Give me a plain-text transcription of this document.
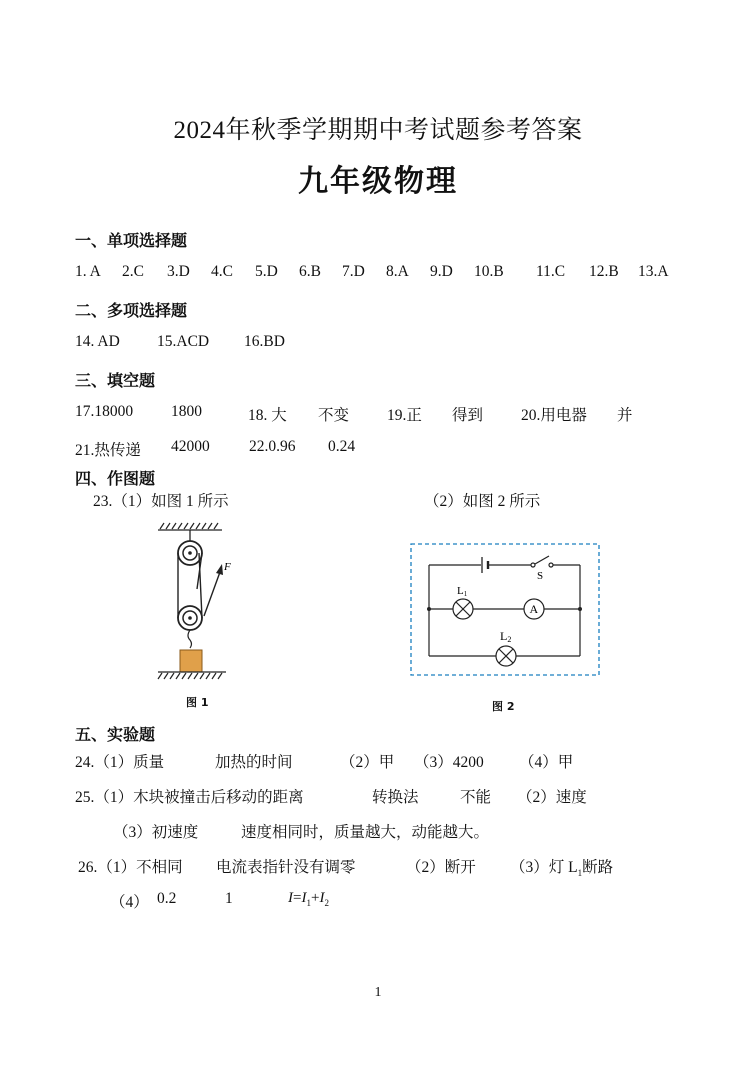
2024年秋季学期期中考试题参考答案
九年级物理
一、单项选择题
1. A 2.C 3.D 4.C 5.D 6.B 7.D 8.A 9.D 10.B 11.C 12.B 13.A
二、多项选择题
14. AD 15.ACD 16.BD
三、填空题
17.18000 1800	18. 大 不变 19.正 得到 20.用电器 并
21.热传递 42000	22.0.96 0.24
四、作图题
23.（1）如图 1 所示	（2）如图 2 所示
F
图 1
S
L1
A
L2
图 2
五、实验题
24.（1）质量	加热的时间	（2）甲 （3）4200 （4）甲
25.（1）木块被撞击后移动的距离	转换法	不能 （2）速度
（3）初速度	速度相同时，质量越大，动能越大。
26.（1）不相同 电流表指针没有调零	（2）断开 （3）灯 $L_1$断路
（4） 0.2	1	$I=I_1+I_2$
1
